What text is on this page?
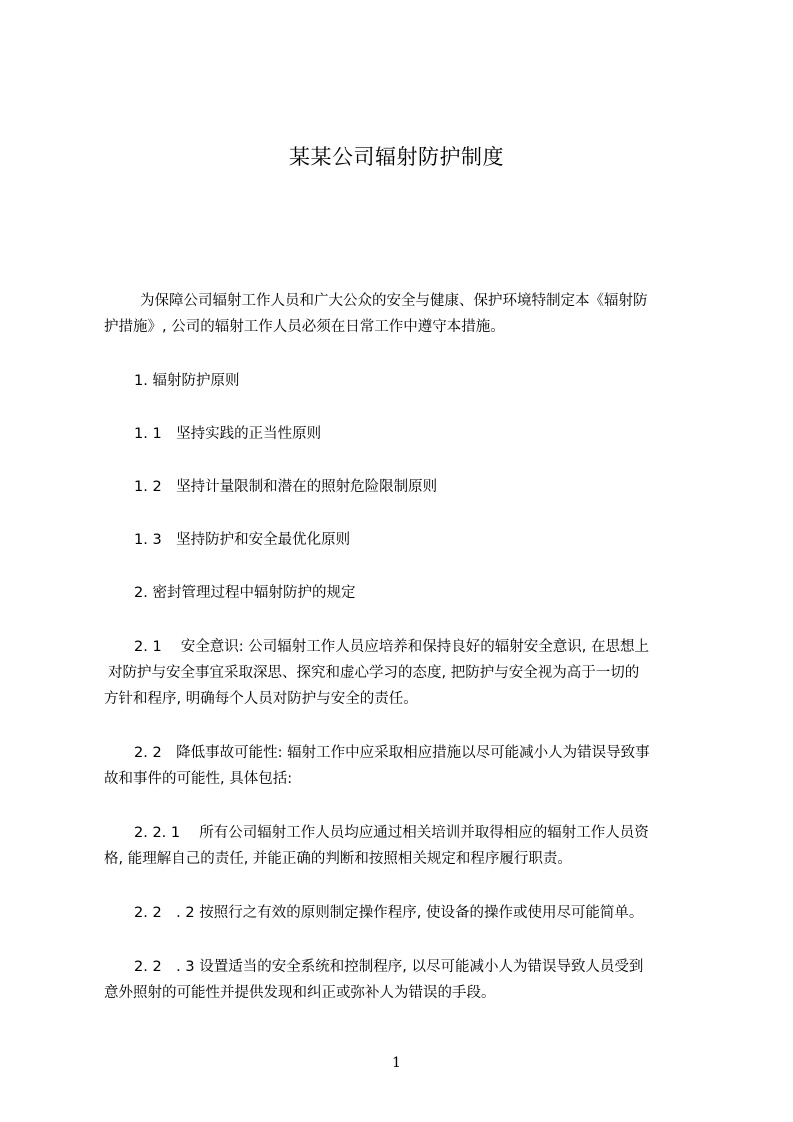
某某公司辐射防护制度
为保障公司辐射工作人员和广大公众的安全与健康、保护环境特制定本《辐射防
护措施》, 公司的辐射工作人员必须在日常工作中遵守本措施。
1. 辐射防护原则
1. 1　坚持实践的正当性原则
1. 2　坚持计量限制和潜在的照射危险限制原则
1. 3　坚持防护和安全最优化原则
2. 密封管理过程中辐射防护的规定
2. 1　 安全意识: 公司辐射工作人员应培养和保持良好的辐射安全意识, 在思想上
对防护与安全事宜采取深思、探究和虚心学习的态度, 把防护与安全视为高于一切的
方针和程序, 明确每个人员对防护与安全的责任。
2. 2　降低事故可能性: 辐射工作中应采取相应措施以尽可能减小人为错误导致事
故和事件的可能性, 具体包括:
2. 2. 1　 所有公司辐射工作人员均应通过相关培训并取得相应的辐射工作人员资
格, 能理解自己的责任, 并能正确的判断和按照相关规定和程序履行职责。
2. 2　. 2 按照行之有效的原则制定操作程序, 使设备的操作或使用尽可能简单。
2. 2　. 3 设置适当的安全系统和控制程序, 以尽可能减小人为错误导致人员受到
意外照射的可能性并提供发现和纠正或弥补人为错误的手段。
1
